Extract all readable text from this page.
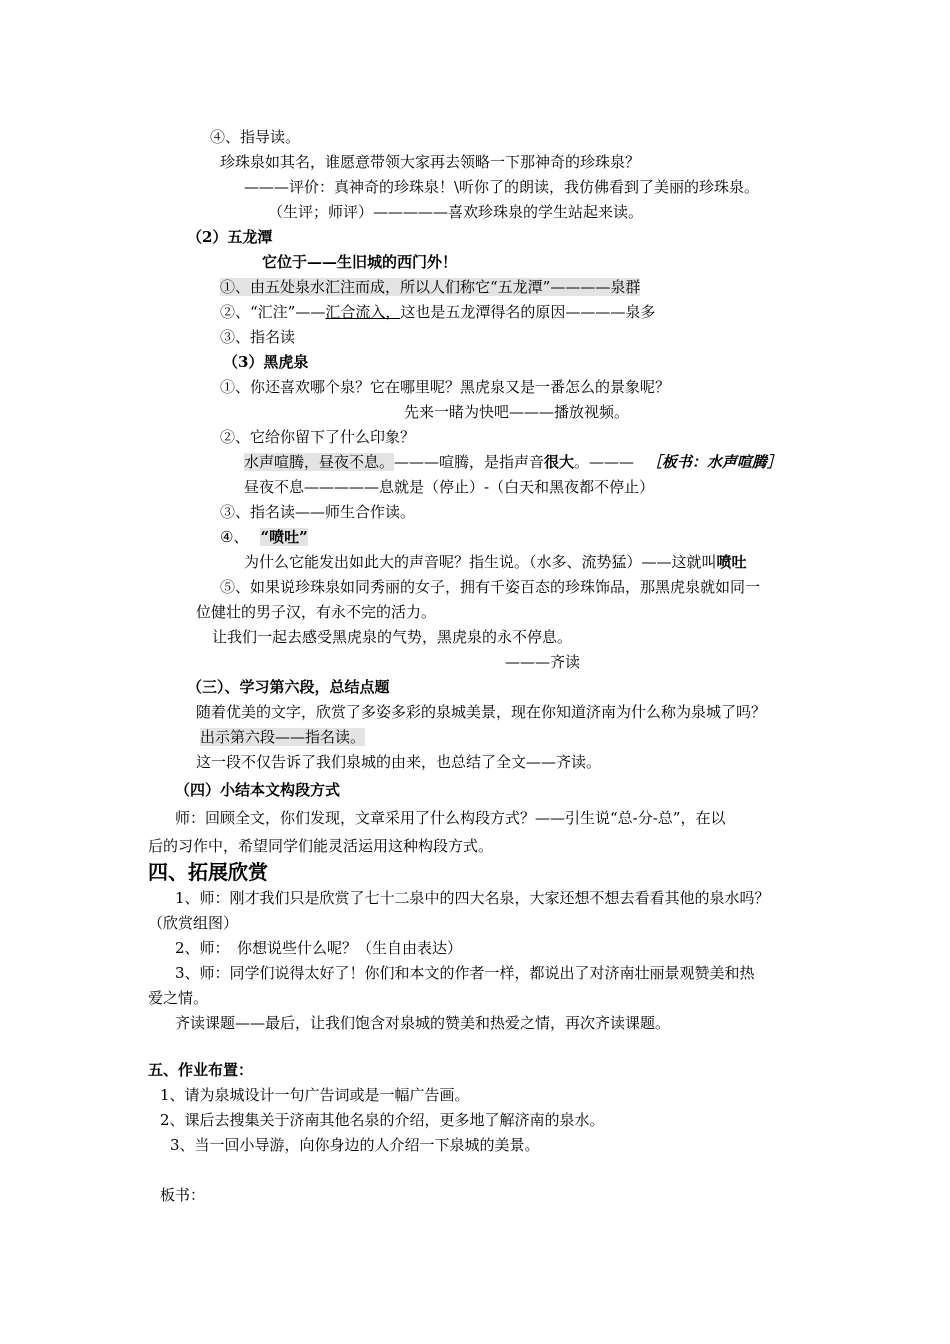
④、指导读。
珍珠泉如其名，谁愿意带领大家再去领略一下那神奇的珍珠泉？
———评价：真神奇的珍珠泉！\听你了的朗读，我仿佛看到了美丽的珍珠泉。
（生评；师评）—————喜欢珍珠泉的学生站起来读。
（2）五龙潭
它位于——生旧城的西门外！
①、由五处泉水汇注而成，所以人们称它“五龙潭”————泉群
②、“汇注”——汇合流入，这也是五龙潭得名的原因————泉多
③、指名读
（3）黑虎泉
①、你还喜欢哪个泉？它在哪里呢？黑虎泉又是一番怎么的景象呢？
先来一睹为快吧———播放视频。
②、它给你留下了什么印象？
水声喧腾，昼夜不息。———喧腾，是指声音很大。——— ［板书：水声喧腾］
昼夜不息—————息就是（停止）-（白天和黑夜都不停止）
③、指名读——师生合作读。
④、 “喷吐”
为什么它能发出如此大的声音呢？指生说。（水多、流势猛）——这就叫喷吐
⑤、如果说珍珠泉如同秀丽的女子，拥有千姿百态的珍珠饰品，那黑虎泉就如同一
位健壮的男子汉，有永不完的活力。
让我们一起去感受黑虎泉的气势，黑虎泉的永不停息。
———齐读
（三）、学习第六段，总结点题
随着优美的文字，欣赏了多姿多彩的泉城美景，现在你知道济南为什么称为泉城了吗？
出示第六段——指名读。
这一段不仅告诉了我们泉城的由来，也总结了全文——齐读。
（四）小结本文构段方式
师：回顾全文，你们发现，文章采用了什么构段方式？——引生说“总-分-总”，在以
后的习作中，希望同学们能灵活运用这种构段方式。
四、拓展欣赏
1、师：刚才我们只是欣赏了七十二泉中的四大名泉，大家还想不想去看看其他的泉水吗？
（欣赏组图）
2、师：　你想说些什么呢？（生自由表达）
3、师：同学们说得太好了！你们和本文的作者一样，都说出了对济南壮丽景观赞美和热
爱之情。
齐读课题——最后，让我们饱含对泉城的赞美和热爱之情，再次齐读课题。
五、作业布置：
1、请为泉城设计一句广告词或是一幅广告画。
2、课后去搜集关于济南其他名泉的介绍，更多地了解济南的泉水。
3、当一回小导游，向你身边的人介绍一下泉城的美景。
板书：
